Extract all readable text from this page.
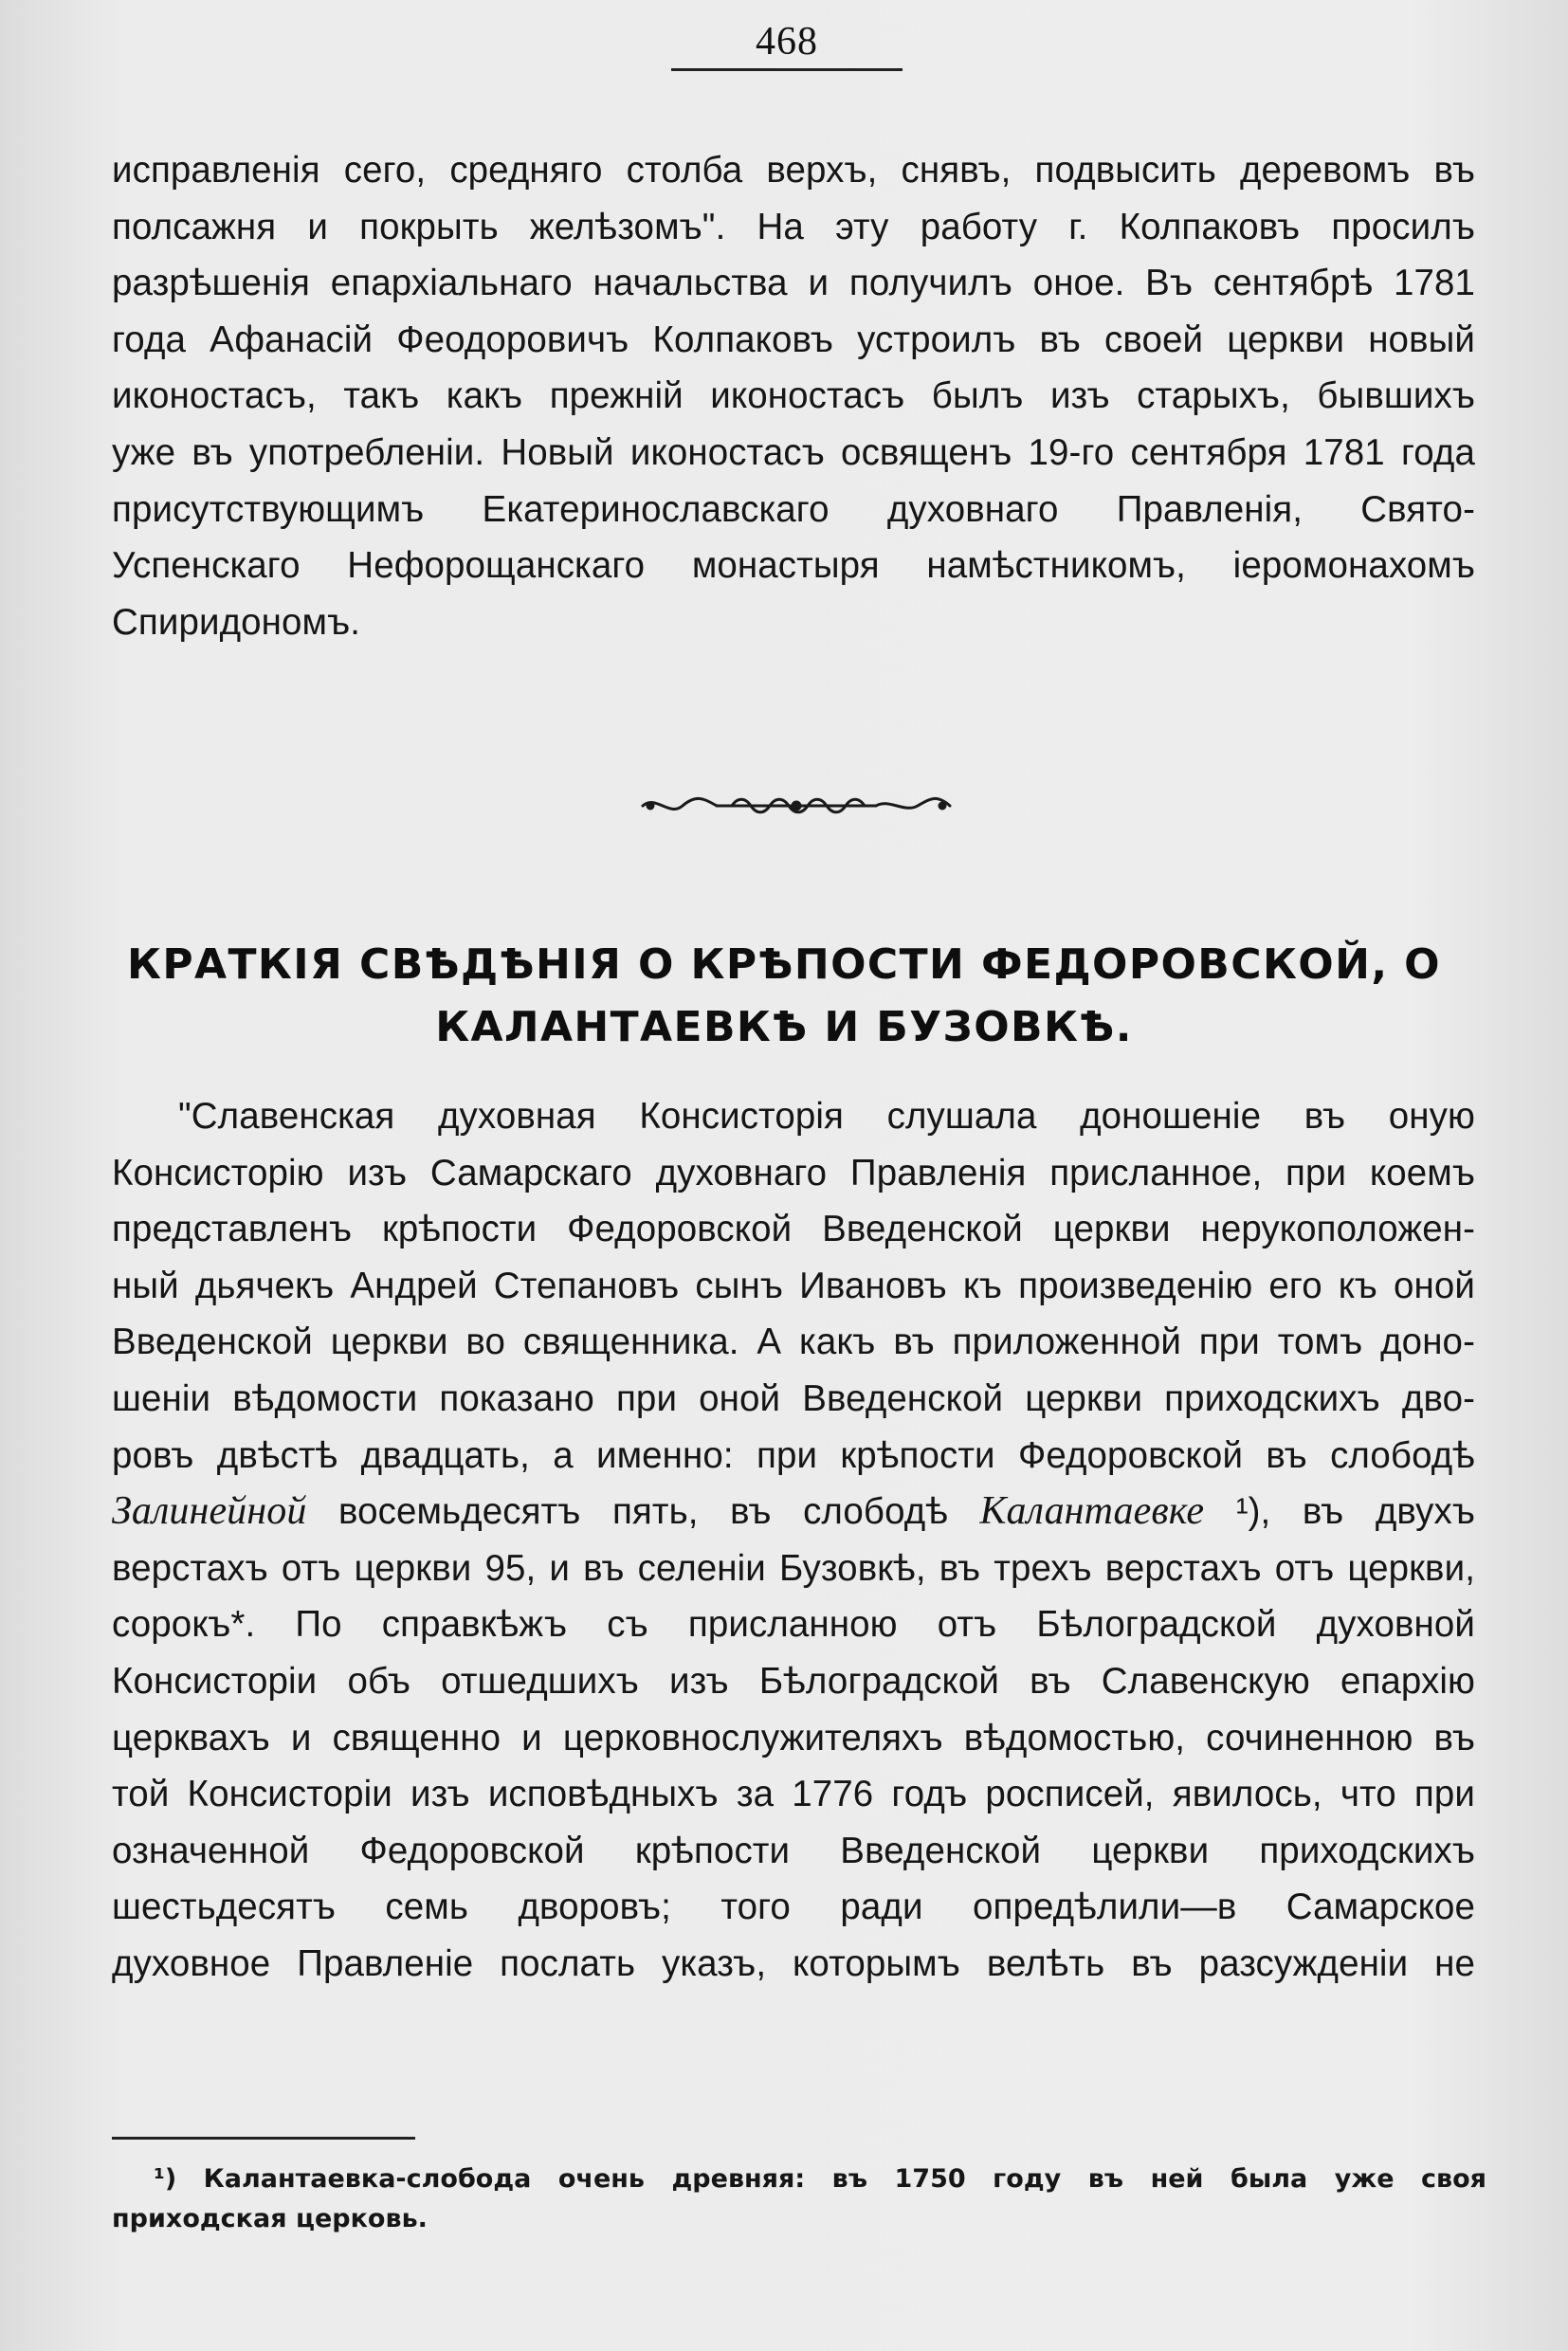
468
исправленія сего, средняго столба верхъ, снявъ, подвысить деревомъ въ
полсажня и покрыть желѣзомъ". На эту работу г. Колпаковъ просилъ
разрѣшенія епархіальнаго начальства и получилъ оное. Въ сентябрѣ 1781
года Афанасій Феодоровичъ Колпаковъ устроилъ въ своей церкви новый
иконостасъ, такъ какъ прежній иконостасъ былъ изъ старыхъ, бывшихъ
уже въ употребленіи. Новый иконостасъ освященъ 19-го сентября 1781 года
присутствующимъ Екатеринославскаго духовнаго Правленія, Свято-
Успенскаго Нефорощанскаго монастыря намѣстникомъ, іеромонахомъ
Спиридономъ.
КРАТКІЯ СВѢДѢНІЯ О КРѢПОСТИ ФЕДОРОВСКОЙ, О
КАЛАНТАЕВКѢ И БУЗОВКѢ.
"Славенская духовная Консисторія слушала доношеніе въ оную
Консисторію изъ Самарскаго духовнаго Правленія присланное, при коемъ
представленъ крѣпости Федоровской Введенской церкви нерукоположен-
ный дьячекъ Андрей Степановъ сынъ Ивановъ къ произведенію его къ оной
Введенской церкви во священника. А какъ въ приложенной при томъ доно-
шеніи вѣдомости показано при оной Введенской церкви приходскихъ дво-
ровъ двѣстѣ двадцать, а именно: при крѣпости Федоровской въ слободѣ
Залинейной восемьдесятъ пять, въ слободѣ Калантаевке ¹), въ двухъ
верстахъ отъ церкви 95, и въ селеніи Бузовкѣ, въ трехъ верстахъ отъ церкви,
сорокъ*. По справкѣжъ съ присланною отъ Бѣлоградской духовной
Консисторіи объ отшедшихъ изъ Бѣлоградской въ Славенскую епархію
церквахъ и священно и церковнослужителяхъ вѣдомостью, сочиненною въ
той Консисторіи изъ исповѣдныхъ за 1776 годъ росписей, явилось, что при
означенной Федоровской крѣпости Введенской церкви приходскихъ
шестьдесятъ семь дворовъ; того ради опредѣлили—в Самарское
духовное Правленіе послать указъ, которымъ велѣть въ разсужденіи не
¹) Калантаевка-слобода очень древняя: въ 1750 году въ ней была уже своя
приходская церковь.
